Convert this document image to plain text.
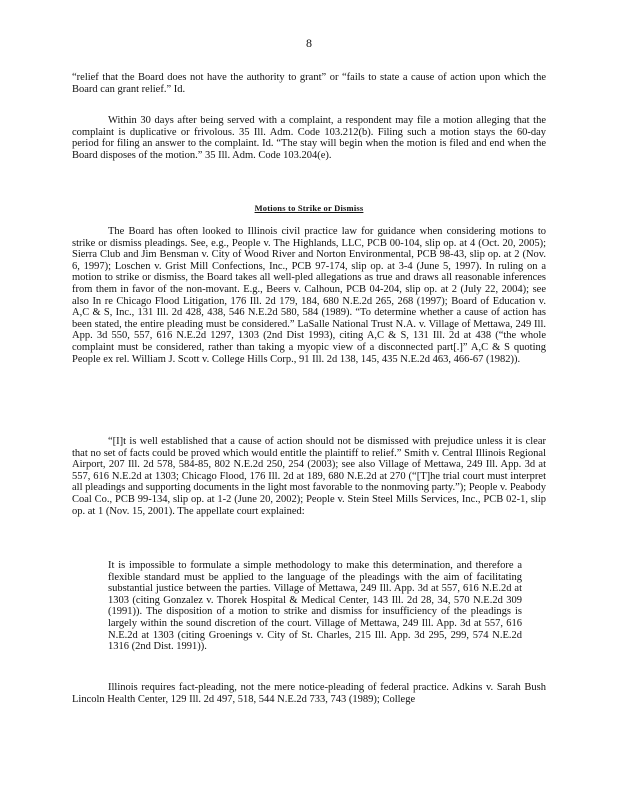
8

“relief that the Board does not have the authority to grant” or “fails to state a cause of action upon which the Board can grant relief.” Id.

Within 30 days after being served with a complaint, a respondent may file a motion alleging that the complaint is duplicative or frivolous. 35 Ill. Adm. Code 103.212(b). Filing such a motion stays the 60-day period for filing an answer to the complaint. Id. “The stay will begin when the motion is filed and end when the Board disposes of the motion.” 35 Ill. Adm. Code 103.204(e).

Motions to Strike or Dismiss

The Board has often looked to Illinois civil practice law for guidance when considering motions to strike or dismiss pleadings. See, e.g., People v. The Highlands, LLC, PCB 00-104, slip op. at 4 (Oct. 20, 2005); Sierra Club and Jim Bensman v. City of Wood River and Norton Environmental, PCB 98-43, slip op. at 2 (Nov. 6, 1997); Loschen v. Grist Mill Confections, Inc., PCB 97-174, slip op. at 3-4 (June 5, 1997). In ruling on a motion to strike or dismiss, the Board takes all well-pled allegations as true and draws all reasonable inferences from them in favor of the non-movant. E.g., Beers v. Calhoun, PCB 04-204, slip op. at 2 (July 22, 2004); see also In re Chicago Flood Litigation, 176 Ill. 2d 179, 184, 680 N.E.2d 265, 268 (1997); Board of Education v. A,C & S, Inc., 131 Ill. 2d 428, 438, 546 N.E.2d 580, 584 (1989). “To determine whether a cause of action has been stated, the entire pleading must be considered.” LaSalle National Trust N.A. v. Village of Mettawa, 249 Ill. App. 3d 550, 557, 616 N.E.2d 1297, 1303 (2nd Dist 1993), citing A,C & S, 131 Ill. 2d at 438 (“the whole complaint must be considered, rather than taking a myopic view of a disconnected part[.]” A,C & S quoting People ex rel. William J. Scott v. College Hills Corp., 91 Ill. 2d 138, 145, 435 N.E.2d 463, 466-67 (1982)).

“[I]t is well established that a cause of action should not be dismissed with prejudice unless it is clear that no set of facts could be proved which would entitle the plaintiff to relief.” Smith v. Central Illinois Regional Airport, 207 Ill. 2d 578, 584-85, 802 N.E.2d 250, 254 (2003); see also Village of Mettawa, 249 Ill. App. 3d at 557, 616 N.E.2d at 1303; Chicago Flood, 176 Ill. 2d at 189, 680 N.E.2d at 270 (“[T]he trial court must interpret all pleadings and supporting documents in the light most favorable to the nonmoving party.”); People v. Peabody Coal Co., PCB 99-134, slip op. at 1-2 (June 20, 2002); People v. Stein Steel Mills Services, Inc., PCB 02-1, slip op. at 1 (Nov. 15, 2001). The appellate court explained:

It is impossible to formulate a simple methodology to make this determination, and therefore a flexible standard must be applied to the language of the pleadings with the aim of facilitating substantial justice between the parties. Village of Mettawa, 249 Ill. App. 3d at 557, 616 N.E.2d at 1303 (citing Gonzalez v. Thorek Hospital & Medical Center, 143 Ill. 2d 28, 34, 570 N.E.2d 309 (1991)). The disposition of a motion to strike and dismiss for insufficiency of the pleadings is largely within the sound discretion of the court. Village of Mettawa, 249 Ill. App. 3d at 557, 616 N.E.2d at 1303 (citing Groenings v. City of St. Charles, 215 Ill. App. 3d 295, 299, 574 N.E.2d 1316 (2nd Dist. 1991)).

Illinois requires fact-pleading, not the mere notice-pleading of federal practice. Adkins v. Sarah Bush Lincoln Health Center, 129 Ill. 2d 497, 518, 544 N.E.2d 733, 743 (1989); College
